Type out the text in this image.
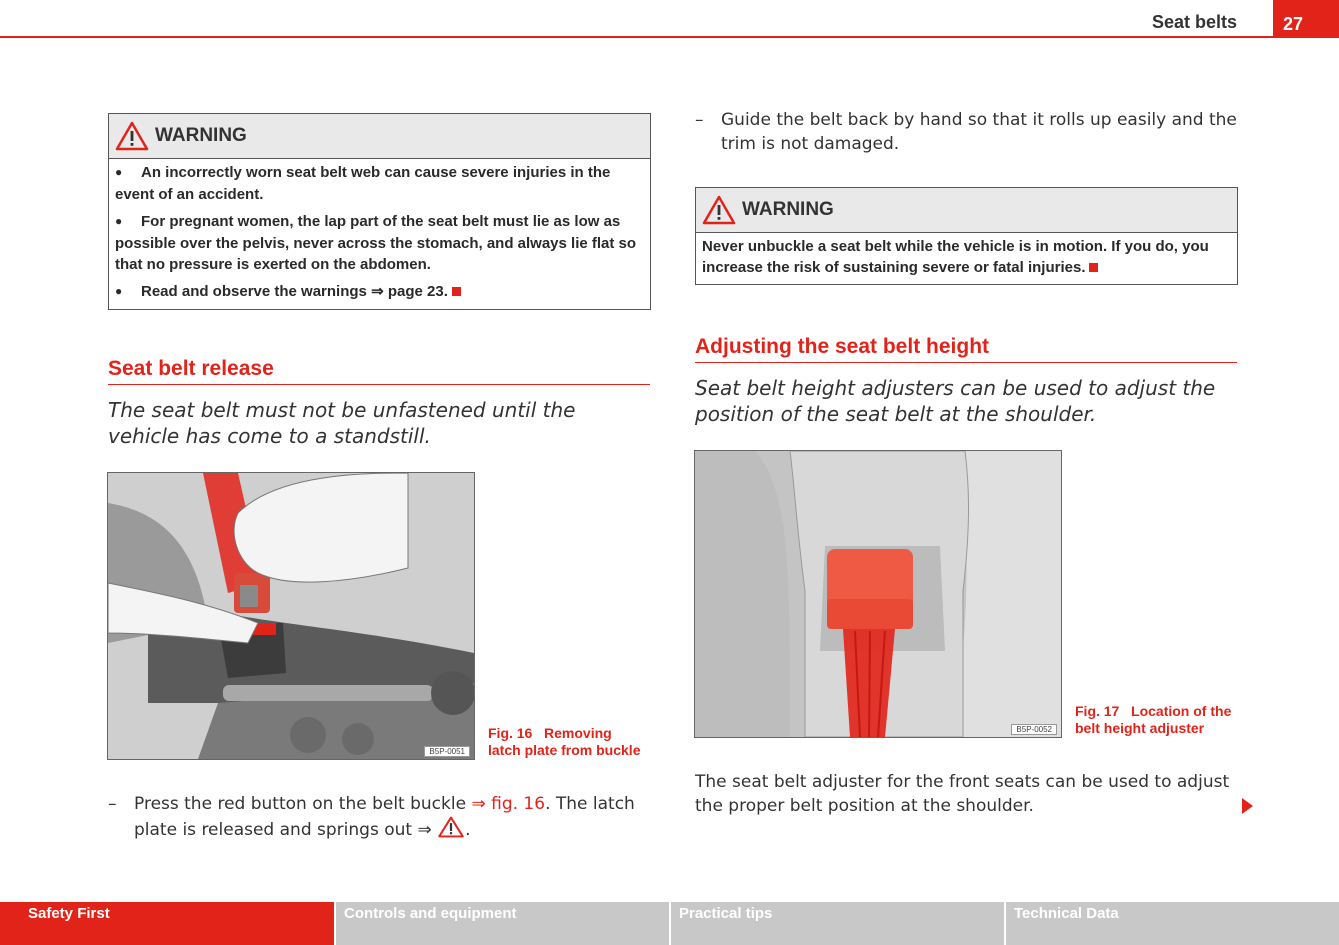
Seat belts	27
WARNING

●An incorrectly worn seat belt web can cause severe injuries in the event of an accident.

●For pregnant women, the lap part of the seat belt must lie as low as possible over the pelvis, never across the stomach, and always lie flat so that no pressure is exerted on the abdomen.

●Read and observe the warnings ⇒ page 23.

Seat belt release
The seat belt must not be unfastened until the vehicle has come to a standstill.
B5P-0051
Fig. 16 Removing latch plate from buckle
– Press the red button on the belt buckle ⇒ fig. 16. The latch plate is released and springs out ⇒ .
– Guide the belt back by hand so that it rolls up easily and the trim is not damaged.
WARNING
Never unbuckle a seat belt while the vehicle is in motion. If you do, you increase the risk of sustaining severe or fatal injuries.
Adjusting the seat belt height
Seat belt height adjusters can be used to adjust the position of the seat belt at the shoulder.
B5P-0052
Fig. 17 Location of the belt height adjuster
The seat belt adjuster for the front seats can be used to adjust the proper belt position at the shoulder.
Safety First	Controls and equipment	Practical tips	Technical Data
